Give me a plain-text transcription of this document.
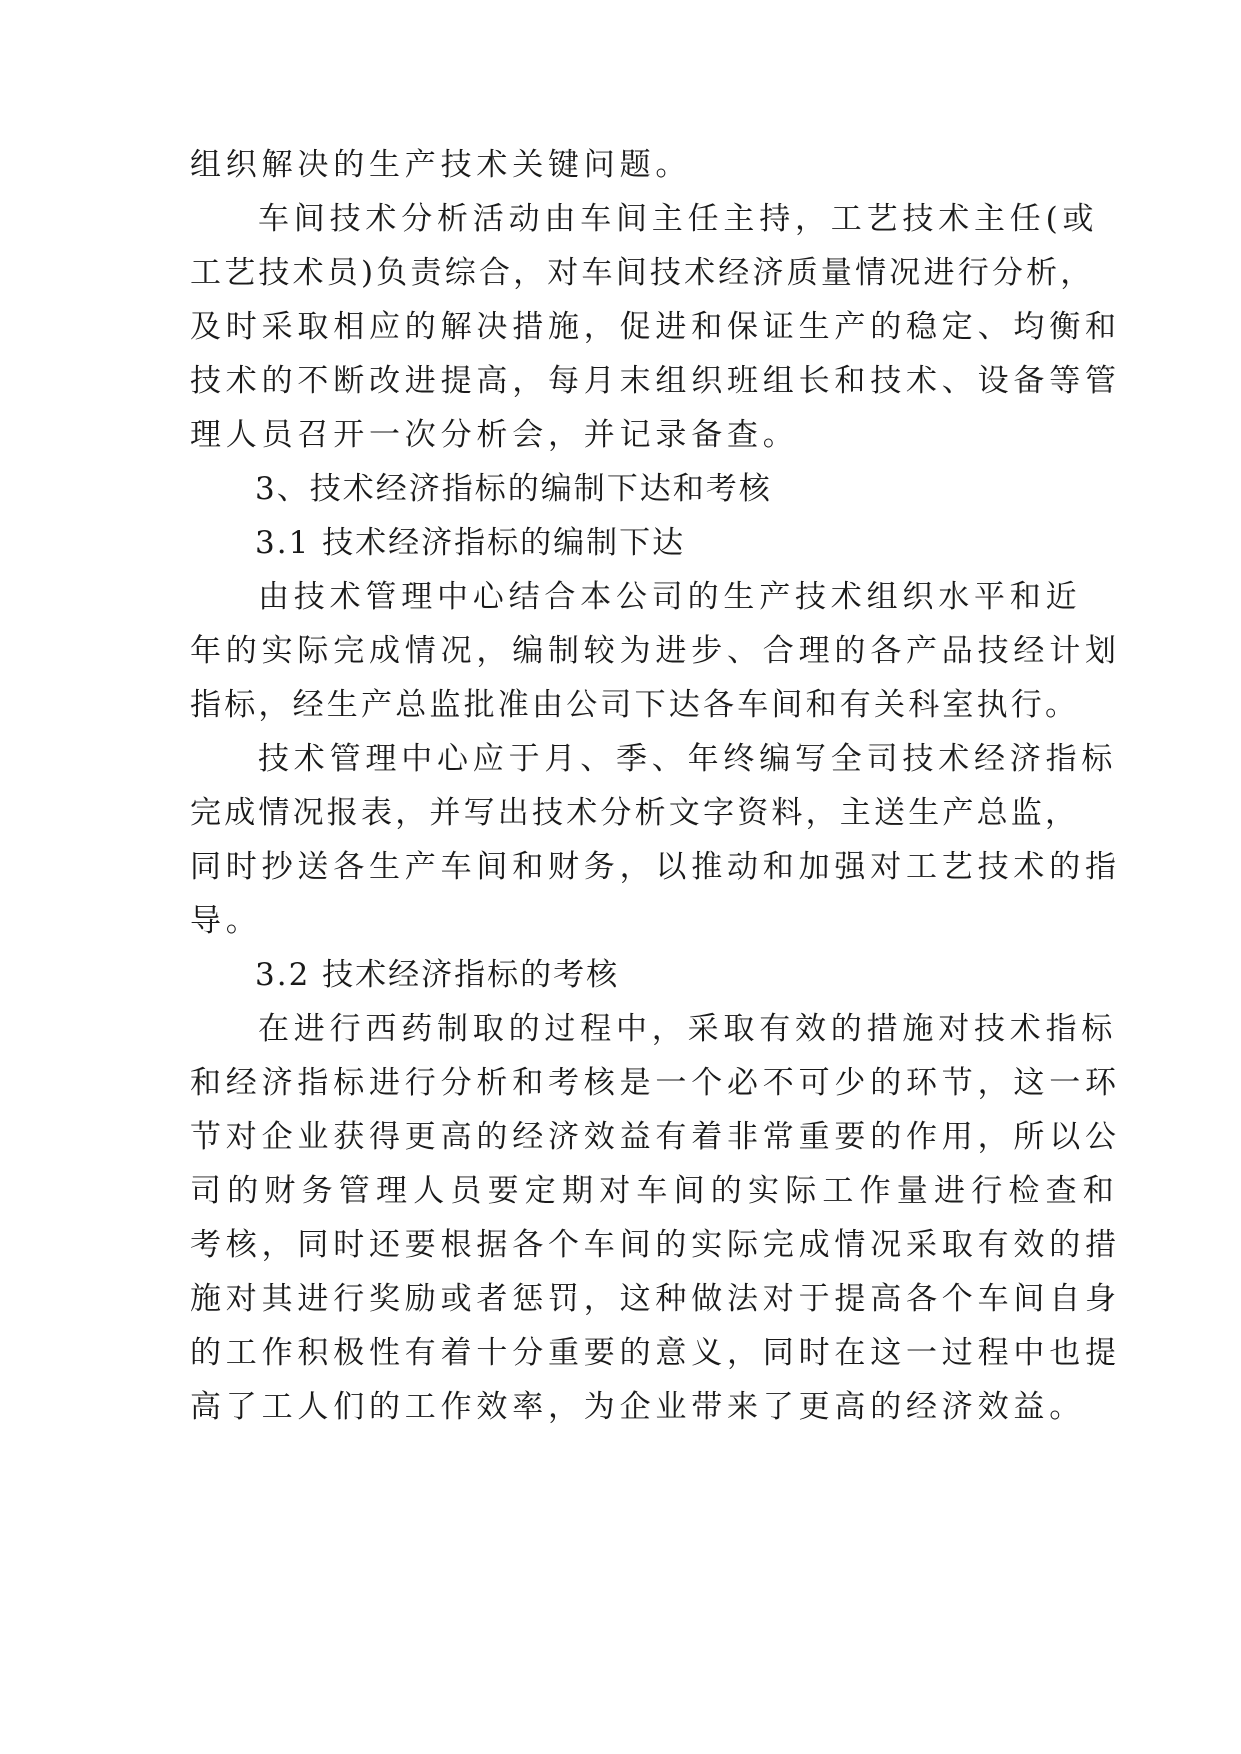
组织解决的生产技术关键问题。
车间技术分析活动由车间主任主持，工艺技术主任(或
工艺技术员)负责综合，对车间技术经济质量情况进行分析，
及时采取相应的解决措施，促进和保证生产的稳定、均衡和
技术的不断改进提高，每月末组织班组长和技术、设备等管
理人员召开一次分析会，并记录备查。
3、技术经济指标的编制下达和考核
3.1 技术经济指标的编制下达
由技术管理中心结合本公司的生产技术组织水平和近
年的实际完成情况，编制较为进步、合理的各产品技经计划
指标，经生产总监批准由公司下达各车间和有关科室执行。
技术管理中心应于月、季、年终编写全司技术经济指标
完成情况报表，并写出技术分析文字资料，主送生产总监，
同时抄送各生产车间和财务，以推动和加强对工艺技术的指
导。
3.2 技术经济指标的考核
在进行西药制取的过程中，采取有效的措施对技术指标
和经济指标进行分析和考核是一个必不可少的环节，这一环
节对企业获得更高的经济效益有着非常重要的作用，所以公
司的财务管理人员要定期对车间的实际工作量进行检查和
考核，同时还要根据各个车间的实际完成情况采取有效的措
施对其进行奖励或者惩罚，这种做法对于提高各个车间自身
的工作积极性有着十分重要的意义，同时在这一过程中也提
高了工人们的工作效率，为企业带来了更高的经济效益。
